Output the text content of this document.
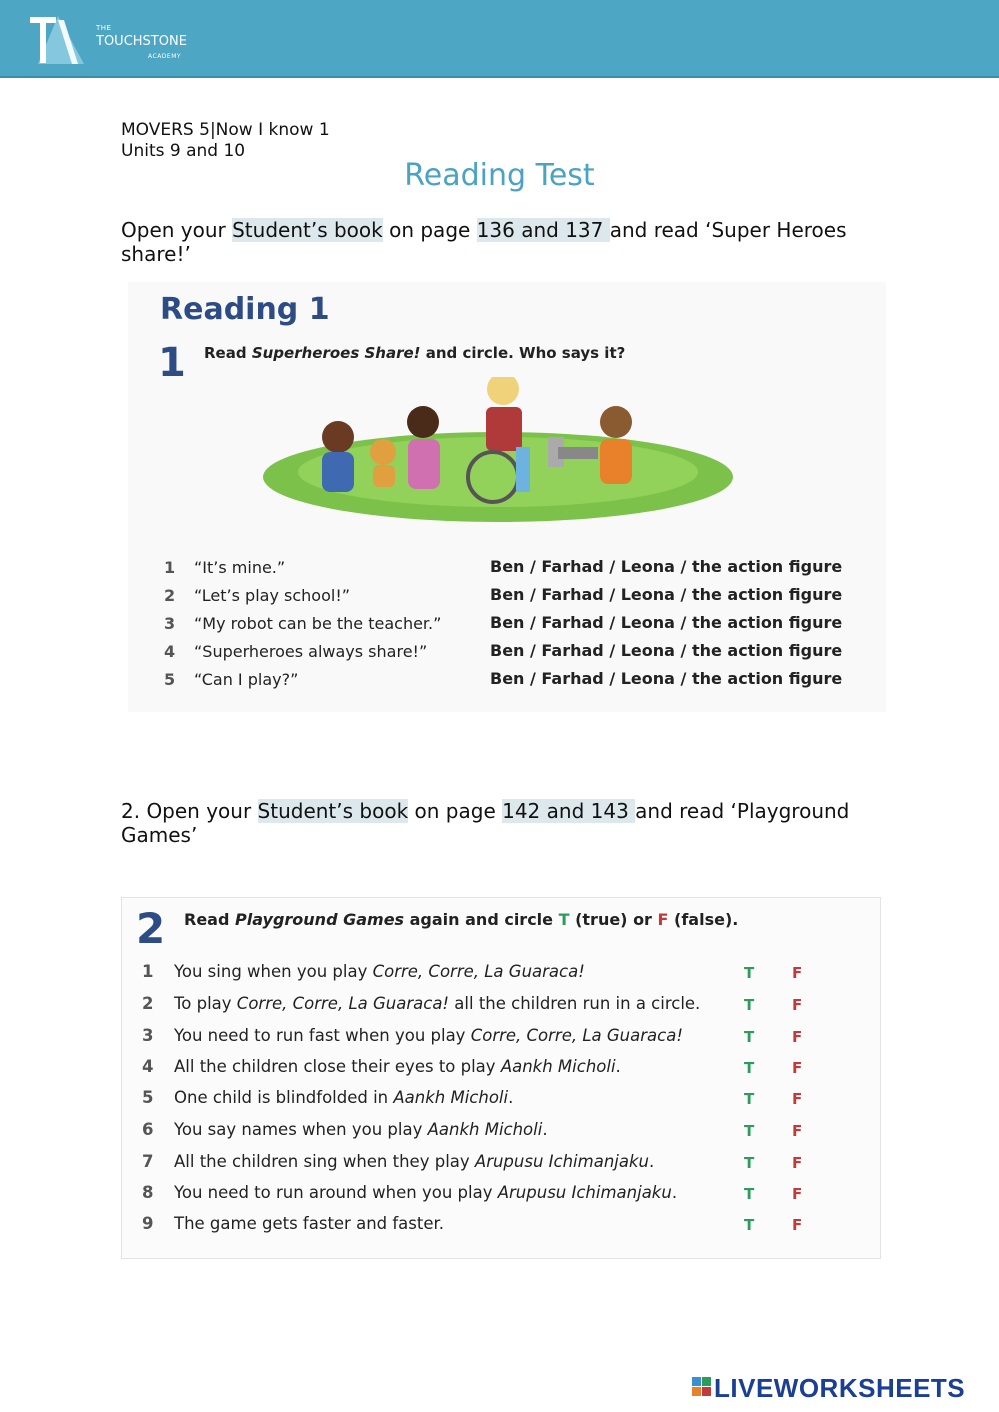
THE
TOUCHSTONE
ACADEMY
MOVERS 5|Now I know 1
Units 9 and 10
Reading Test
Open your Student’s book on page 136 and 137 and read ‘Super Heroes share!’
Reading 1
1 Read Superheroes Share! and circle. Who says it?
1 “It’s mine.”	Ben / Farhad / Leona / the action figure
2 “Let’s play school!”	Ben / Farhad / Leona / the action figure
3 “My robot can be the teacher.”	Ben / Farhad / Leona / the action figure
4 “Superheroes always share!”	Ben / Farhad / Leona / the action figure
5 “Can I play?”	Ben / Farhad / Leona / the action figure
2. Open your Student’s book on page 142 and 143 and read ‘Playground Games’
2 Read Playground Games again and circle T (true) or F (false).
1 You sing when you play Corre, Corre, La Guaraca!	T	F
2 To play Corre, Corre, La Guaraca! all the children run in a circle.	T	F
3 You need to run fast when you play Corre, Corre, La Guaraca!	T	F
4 All the children close their eyes to play Aankh Micholi.	T	F
5 One child is blindfolded in Aankh Micholi.	T	F
6 You say names when you play Aankh Micholi.	T	F
7 All the children sing when they play Arupusu Ichimanjaku.	T	F
8 You need to run around when you play Arupusu Ichimanjaku.	T	F
9 The game gets faster and faster.	T	F
LIVEWORKSHEETS
